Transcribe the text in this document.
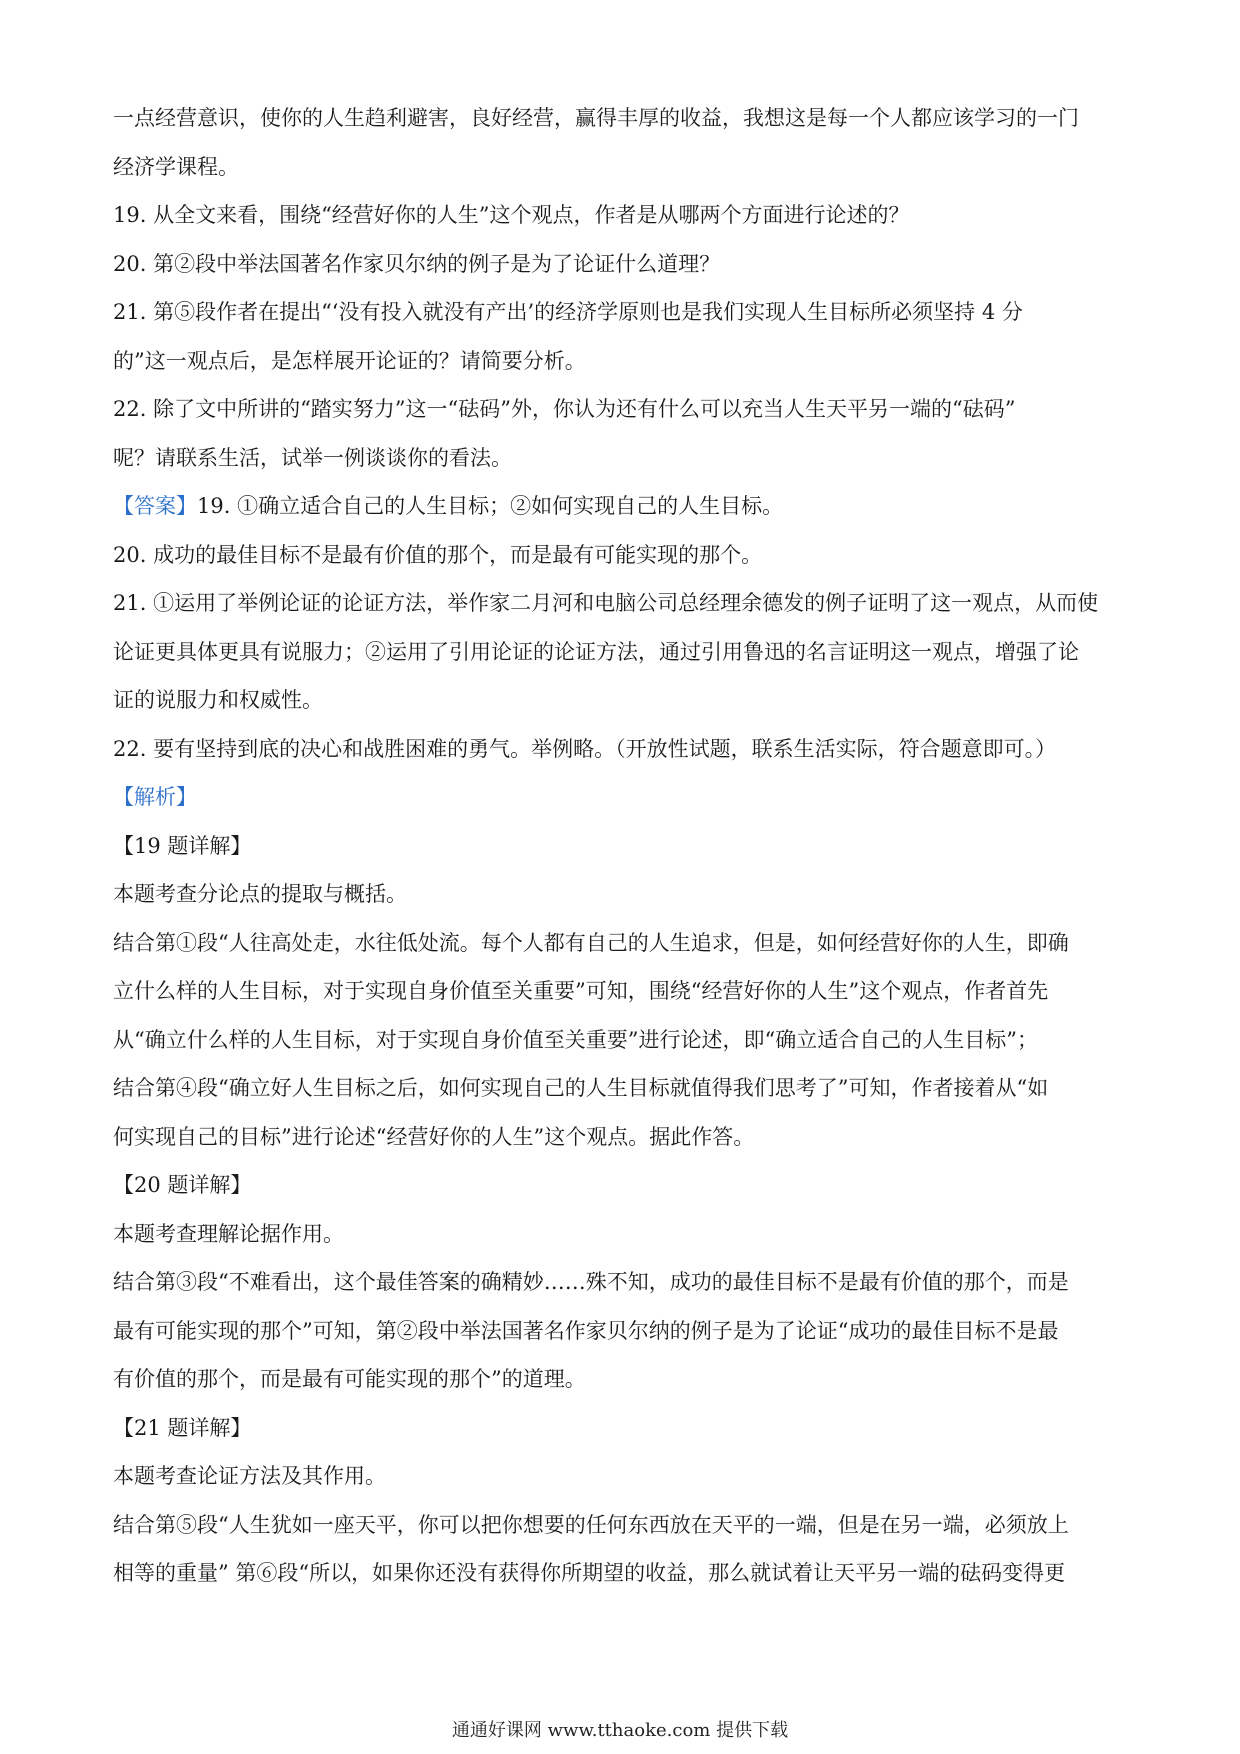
一点经营意识，使你的人生趋利避害，良好经营，赢得丰厚的收益，我想这是每一个人都应该学习的一门

经济学课程。

19. 从全文来看，围绕“经营好你的人生”这个观点，作者是从哪两个方面进行论述的？

20. 第②段中举法国著名作家贝尔纳的例子是为了论证什么道理？

21. 第⑤段作者在提出“‘没有投入就没有产出’的经济学原则也是我们实现人生目标所必须坚持 4 分

的”这一观点后，是怎样展开论证的？请简要分析。

22. 除了文中所讲的“踏实努力”这一“砝码”外，你认为还有什么可以充当人生天平另一端的“砝码”

呢？请联系生活，试举一例谈谈你的看法。

【答案】19. ①确立适合自己的人生目标；②如何实现自己的人生目标。

20. 成功的最佳目标不是最有价值的那个，而是最有可能实现的那个。

21. ①运用了举例论证的论证方法，举作家二月河和电脑公司总经理余德发的例子证明了这一观点，从而使

论证更具体更具有说服力；②运用了引用论证的论证方法，通过引用鲁迅的名言证明这一观点，增强了论

证的说服力和权威性。

22. 要有坚持到底的决心和战胜困难的勇气。举例略。（开放性试题，联系生活实际，符合题意即可。）

【解析】

【19 题详解】

本题考查分论点的提取与概括。

结合第①段“人往高处走，水往低处流。每个人都有自己的人生追求，但是，如何经营好你的人生，即确

立什么样的人生目标，对于实现自身价值至关重要”可知，围绕“经营好你的人生”这个观点，作者首先

从“确立什么样的人生目标，对于实现自身价值至关重要”进行论述，即“确立适合自己的人生目标”；

结合第④段“确立好人生目标之后，如何实现自己的人生目标就值得我们思考了”可知，作者接着从“如

何实现自己的目标”进行论述“经营好你的人生”这个观点。据此作答。

【20 题详解】

本题考查理解论据作用。

结合第③段“不难看出，这个最佳答案的确精妙……殊不知，成功的最佳目标不是最有价值的那个，而是

最有可能实现的那个”可知，第②段中举法国著名作家贝尔纳的例子是为了论证“成功的最佳目标不是最

有价值的那个，而是最有可能实现的那个”的道理。

【21 题详解】

本题考查论证方法及其作用。

结合第⑤段“人生犹如一座天平，你可以把你想要的任何东西放在天平的一端，但是在另一端，必须放上

相等的重量” 第⑥段“所以，如果你还没有获得你所期望的收益，那么就试着让天平另一端的砝码变得更

通通好课网 www.tthaoke.com 提供下载
